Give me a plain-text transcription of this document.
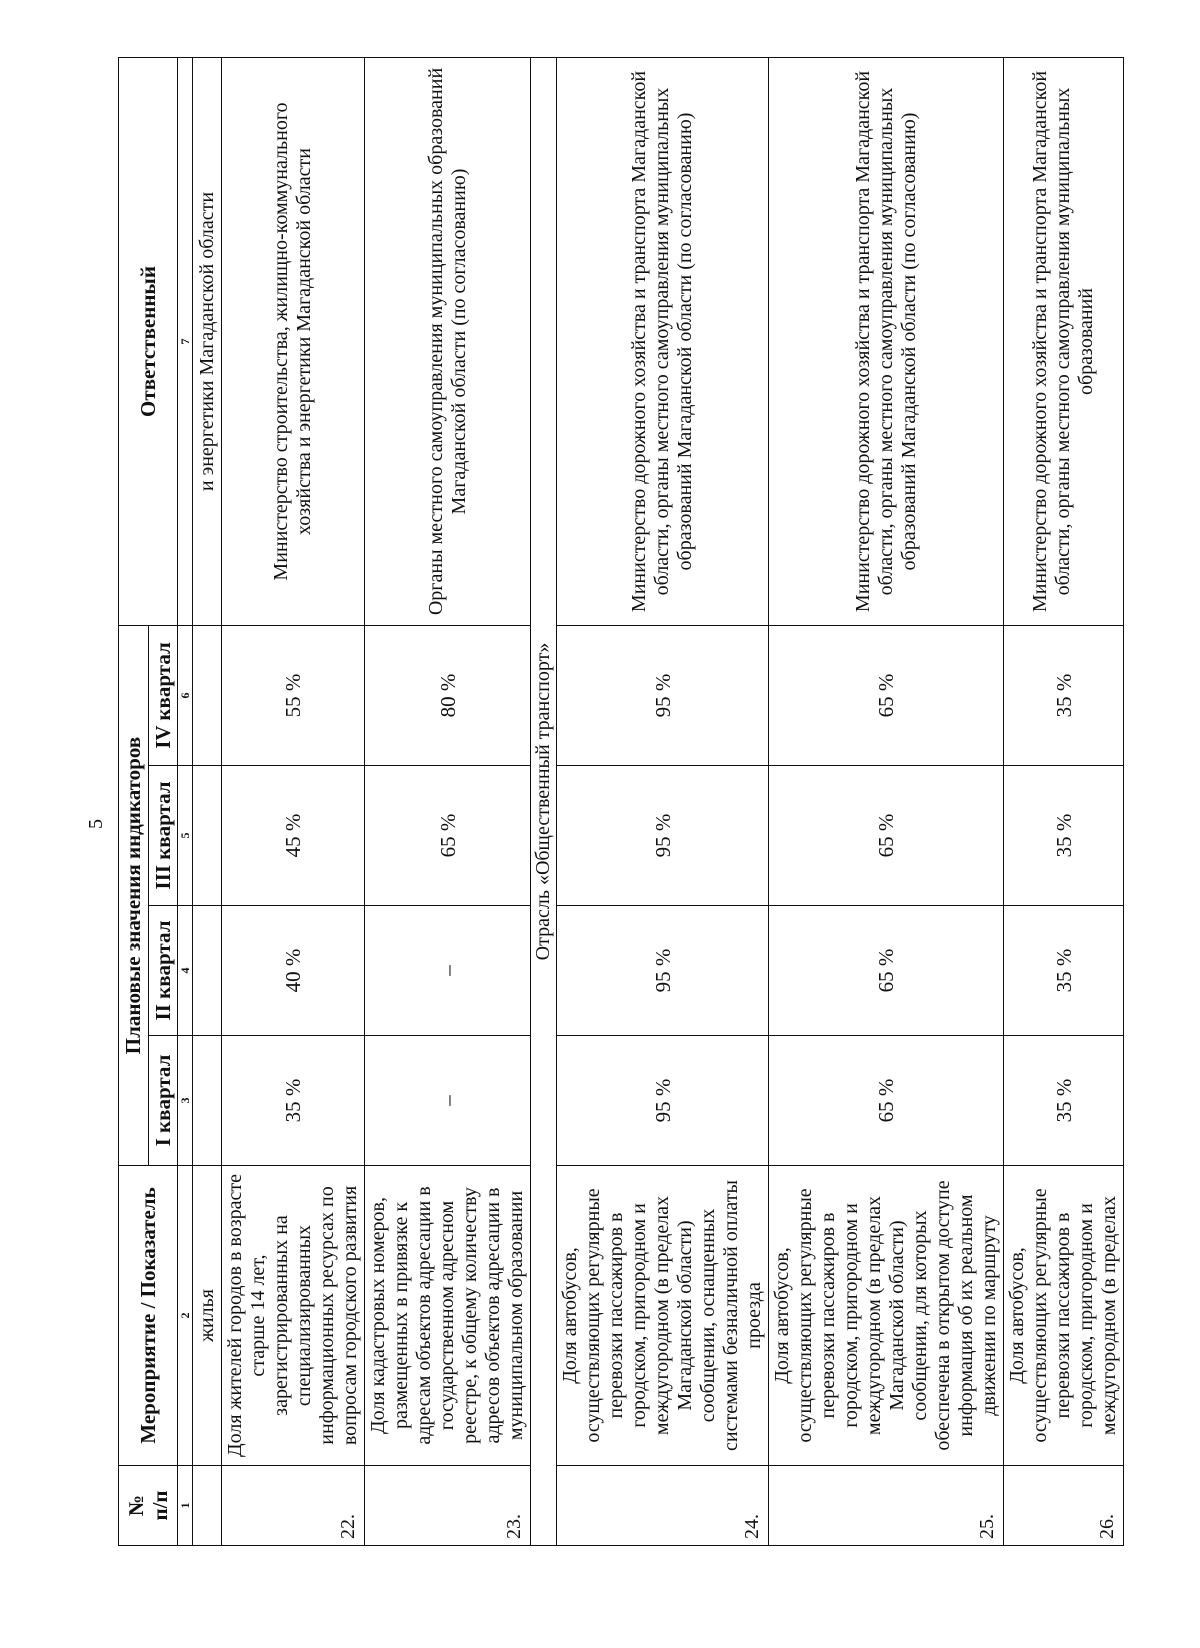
5
№
п/п	Мероприятие / Показатель	Плановые значения индикаторов				Ответственный
		I квартал	II квартал	III квартал	IV квартал	
1	2	3	4	5	6	7
	жилья					и энергетики Магаданской области
22.	Доля жителей городов в возрасте старше 14 лет, зарегистрированных на специализированных информационных ресурсах по вопросам городского развития	35 %	40 %	45 %	55 %	Министерство строительства, жилищно-коммунального хозяйства и энергетики Магаданской области
23.	Доля кадастровых номеров, размещенных в привязке к адресам объектов адресации в государственном адресном реестре, к общему количеству адресов объектов адресации в муниципальном образовании	–	–	65 %	80 %	Органы местного самоуправления муниципальных образований Магаданской области (по согласованию)
Отрасль «Общественный транспорт»						
24.	Доля автобусов, осуществляющих регулярные перевозки пассажиров в городском, пригородном и междугородном (в пределах Магаданской области) сообщении, оснащенных системами безналичной оплаты проезда	95 %	95 %	95 %	95 %	Министерство дорожного хозяйства и транспорта Магаданской области, органы местного самоуправления муниципальных образований Магаданской области (по согласованию)
25.	Доля автобусов, осуществляющих регулярные перевозки пассажиров в городском, пригородном и междугородном (в пределах Магаданской области) сообщении, для которых обеспечена в открытом доступе информация об их реальном движении по маршруту	65 %	65 %	65 %	65 %	Министерство дорожного хозяйства и транспорта Магаданской области, органы местного самоуправления муниципальных образований Магаданской области (по согласованию)
26.	Доля автобусов, осуществляющих регулярные перевозки пассажиров в городском, пригородном и междугородном (в пределах	35 %	35 %	35 %	35 %	Министерство дорожного хозяйства и транспорта Магаданской области, органы местного самоуправления муниципальных образований
